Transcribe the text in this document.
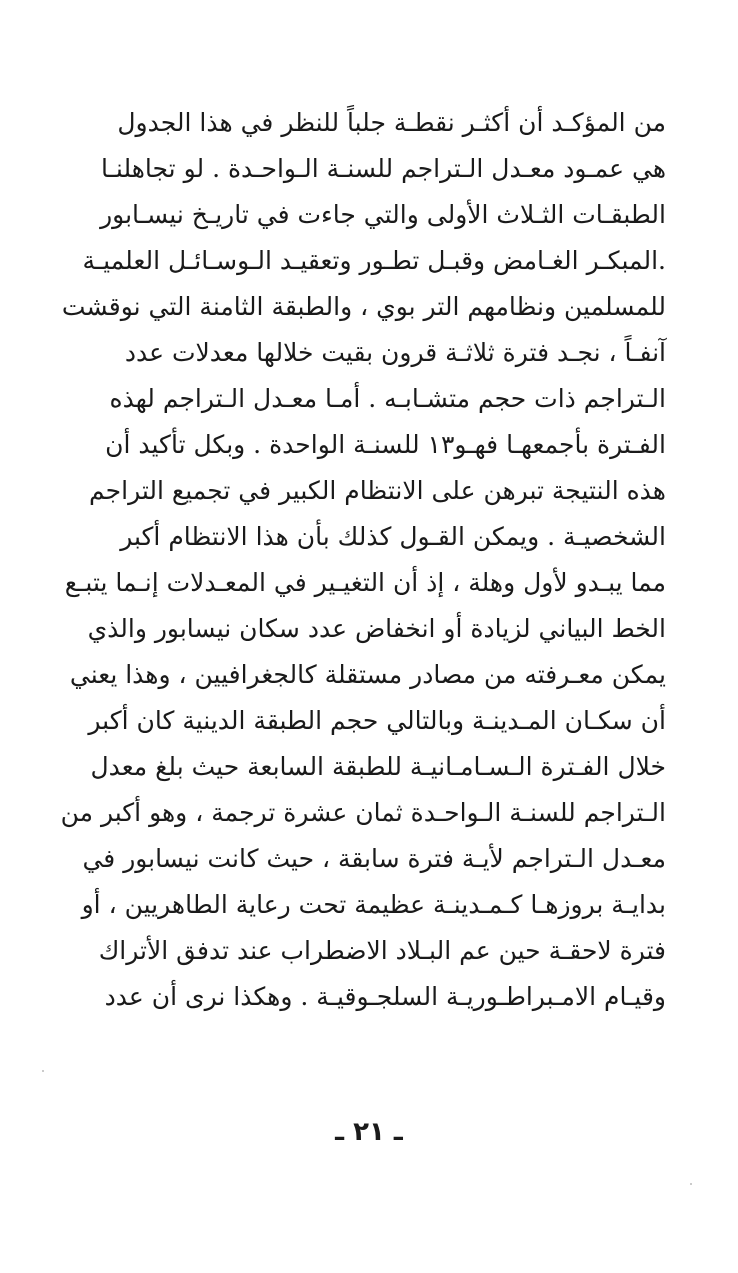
من المؤكـد أن أكثـر نقطـة جلباً للنظر في هذا الجدول
هي عمـود معـدل الـتراجم للسنـة الـواحـدة . لو تجاهلنـا
الطبقـات الثـلاث الأولى والتي جاءت في تاريـخ نيسـابور
.المبكـر الغـامض وقبـل تطـور وتعقيـد الـوسـائـل العلميـة
للمسلمين ونظامهم التر بوي ، والطبقة الثامنة التي نوقشت
آنفـاً ، نجـد فترة ثلاثـة قرون بقيت خلالها معدلات عدد
الـتراجم ذات حجم متشـابـه . أمـا معـدل الـتراجم لهذه
الفـترة بأجمعهـا فهـو١٣ للسنـة الواحدة . وبكل تأكيد أن
هذه النتيجة تبرهن على الانتظام الكبير في تجميع التراجم
الشخصيـة . ويمكن القـول كذلك بأن هذا الانتظام أكبر
مما يبـدو لأول وهلة ، إذ أن التغيـير في المعـدلات إنـما يتبـع
الخط البياني لزيادة أو انخفاض عدد سكان نيسابور والذي
يمكن معـرفته من مصادر مستقلة كالجغرافيين ، وهذا يعني
أن سكـان المـدينـة وبالتالي حجم الطبقة الدينية كان أكبر
خلال الفـترة الـسـامـانيـة للطبقة السابعة حيث بلغ معدل
الـتراجم للسنـة الـواحـدة ثمان عشرة ترجمة ، وهو أكبر من
معـدل الـتراجم لأيـة فترة سابقة ، حيث كانت نيسابور في
بدايـة بروزهـا كـمـدينـة عظيمة تحت رعاية الطاهريين ، أو
فترة لاحقـة حين عم البـلاد الاضطراب عند تدفق الأتراك
وقيـام الامـبراطـوريـة السلجـوقيـة . وهكذا نرى أن عدد
ـ ٢١ ـ
